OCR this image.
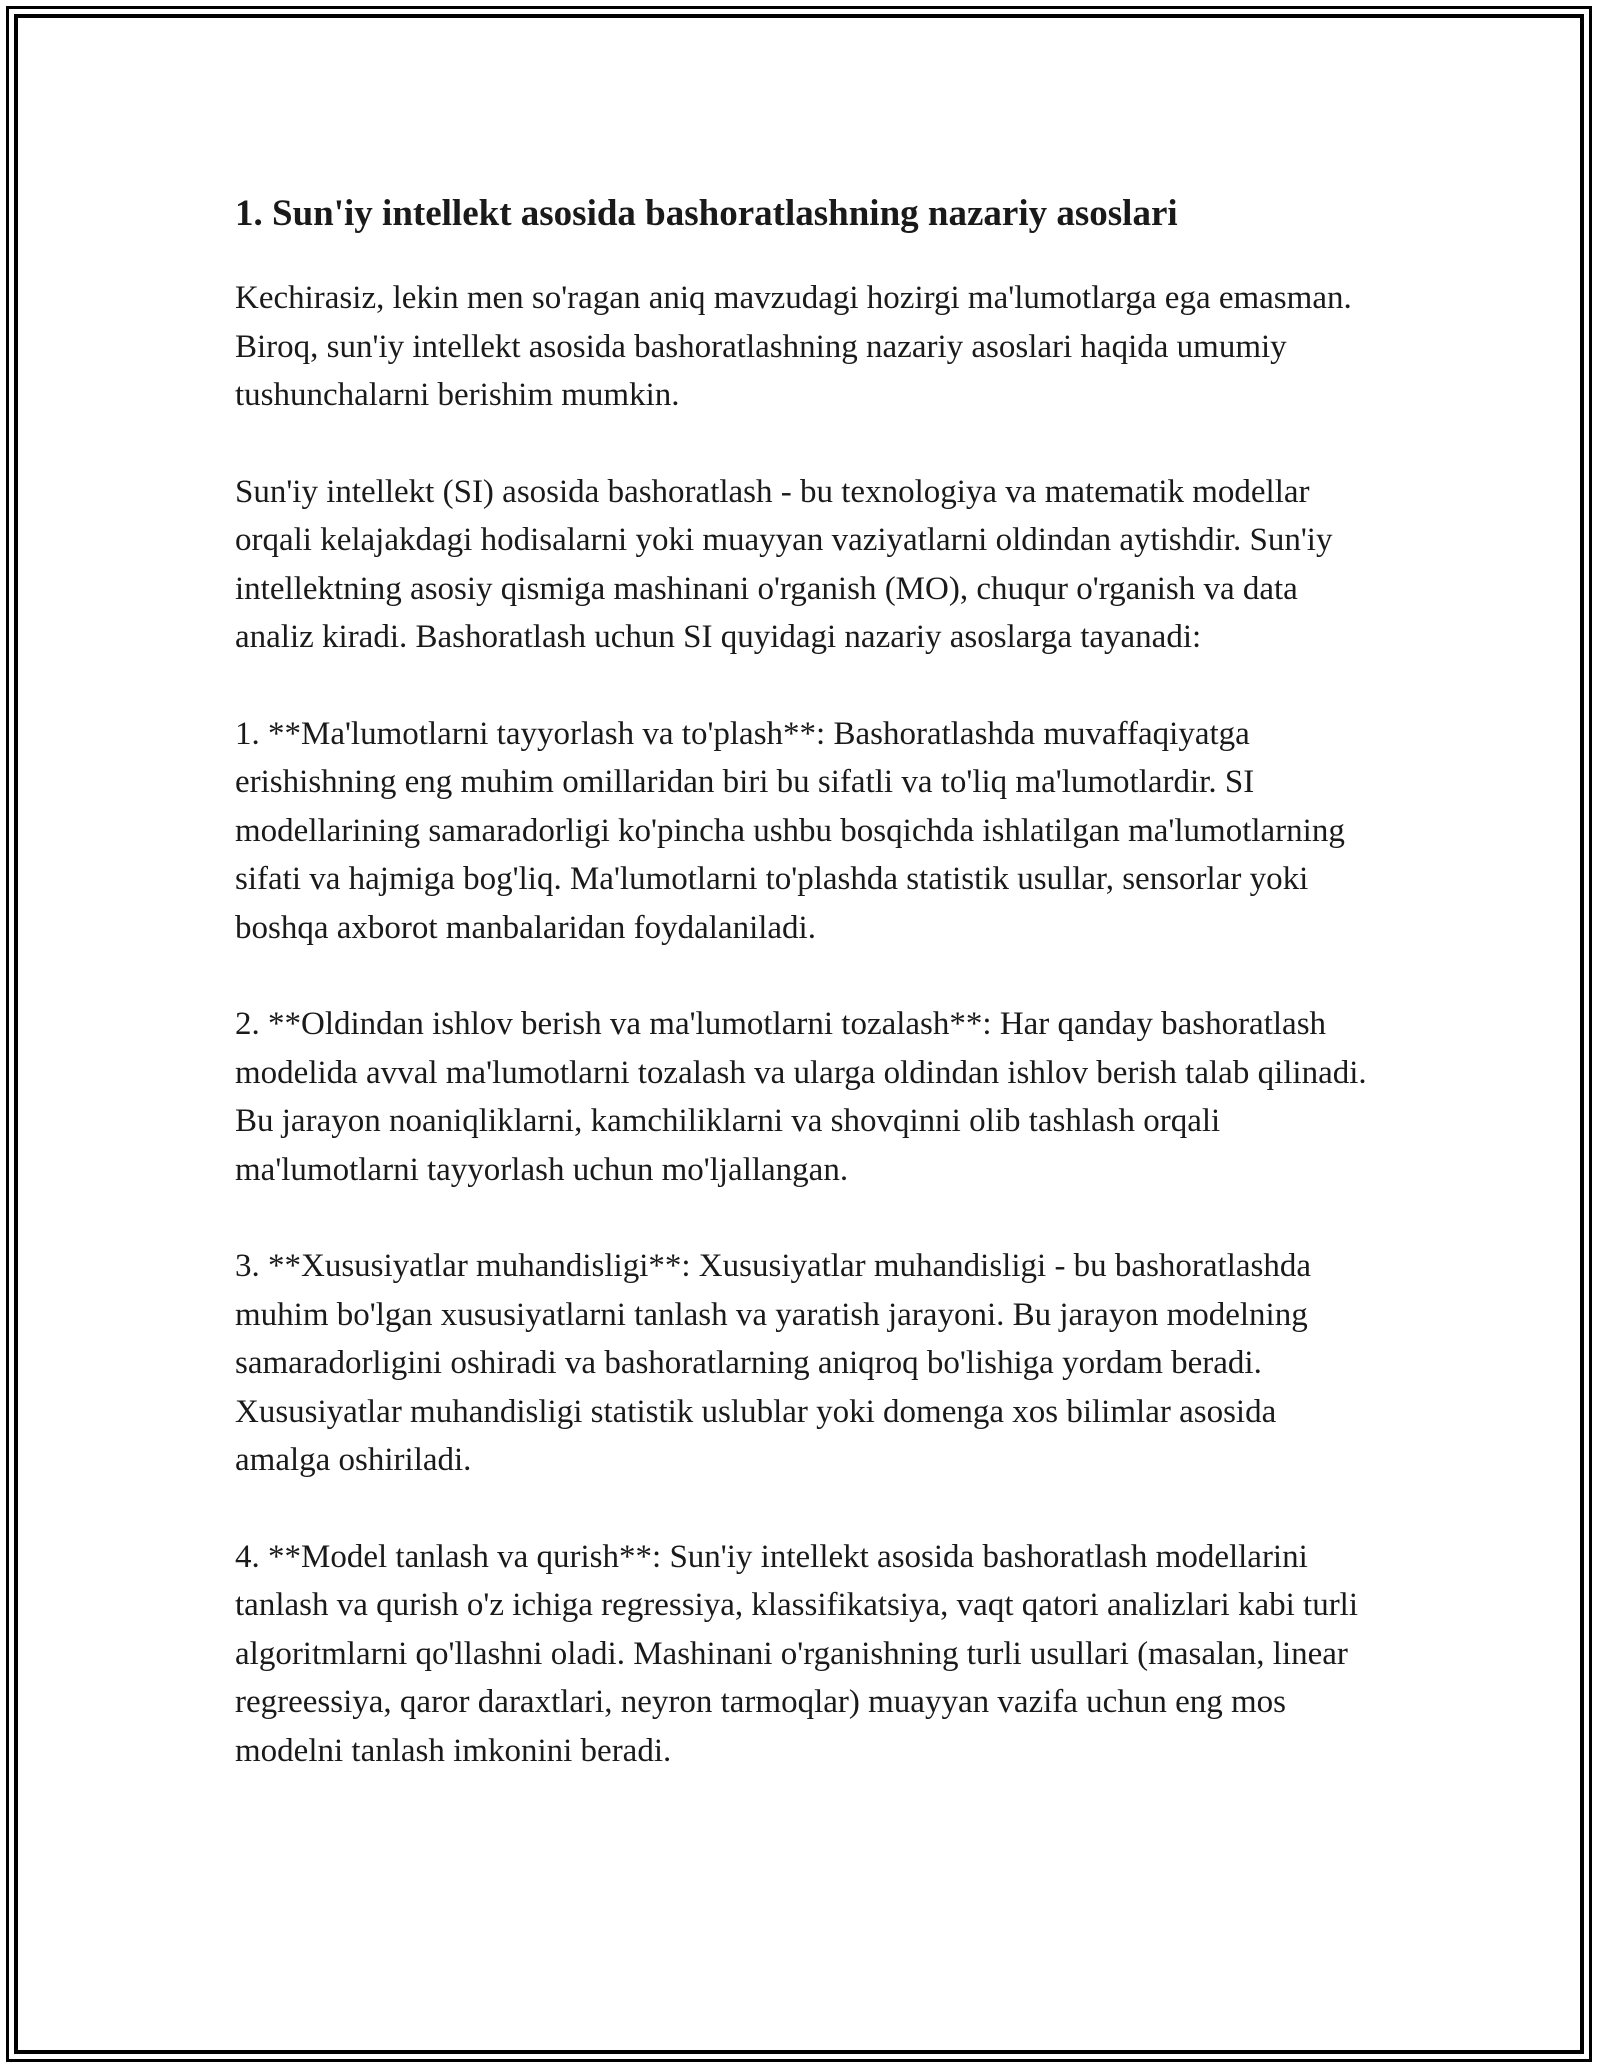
1. Sun'iy intellekt asosida bashoratlashning nazariy asoslari

Kechirasiz, lekin men so'ragan aniq mavzudagi hozirgi ma'lumotlarga ega emasman. Biroq, sun'iy intellekt asosida bashoratlashning nazariy asoslari haqida umumiy tushunchalarni berishim mumkin.

Sun'iy intellekt (SI) asosida bashoratlash - bu texnologiya va matematik modellar orqali kelajakdagi hodisalarni yoki muayyan vaziyatlarni oldindan aytishdir. Sun'iy intellektning asosiy qismiga mashinani o'rganish (MO), chuqur o'rganish va data analiz kiradi. Bashoratlash uchun SI quyidagi nazariy asoslarga tayanadi:

1. **Ma'lumotlarni tayyorlash va to'plash**: Bashoratlashda muvaffaqiyatga erishishning eng muhim omillaridan biri bu sifatli va to'liq ma'lumotlardir. SI modellarining samaradorligi ko'pincha ushbu bosqichda ishlatilgan ma'lumotlarning sifati va hajmiga bog'liq. Ma'lumotlarni to'plashda statistik usullar, sensorlar yoki boshqa axborot manbalaridan foydalaniladi.

2. **Oldindan ishlov berish va ma'lumotlarni tozalash**: Har qanday bashoratlash modelida avval ma'lumotlarni tozalash va ularga oldindan ishlov berish talab qilinadi. Bu jarayon noaniqliklarni, kamchiliklarni va shovqinni olib tashlash orqali ma'lumotlarni tayyorlash uchun mo'ljallangan.

3. **Xususiyatlar muhandisligi**: Xususiyatlar muhandisligi - bu bashoratlashda muhim bo'lgan xususiyatlarni tanlash va yaratish jarayoni. Bu jarayon modelning samaradorligini oshiradi va bashoratlarning aniqroq bo'lishiga yordam beradi. Xususiyatlar muhandisligi statistik uslublar yoki domenga xos bilimlar asosida amalga oshiriladi.

4. **Model tanlash va qurish**: Sun'iy intellekt asosida bashoratlash modellarini tanlash va qurish o'z ichiga regressiya, klassifikatsiya, vaqt qatori analizlari kabi turli algoritmlarni qo'llashni oladi. Mashinani o'rganishning turli usullari (masalan, linear regreessiya, qaror daraxtlari, neyron tarmoqlar) muayyan vazifa uchun eng mos modelni tanlash imkonini beradi.
